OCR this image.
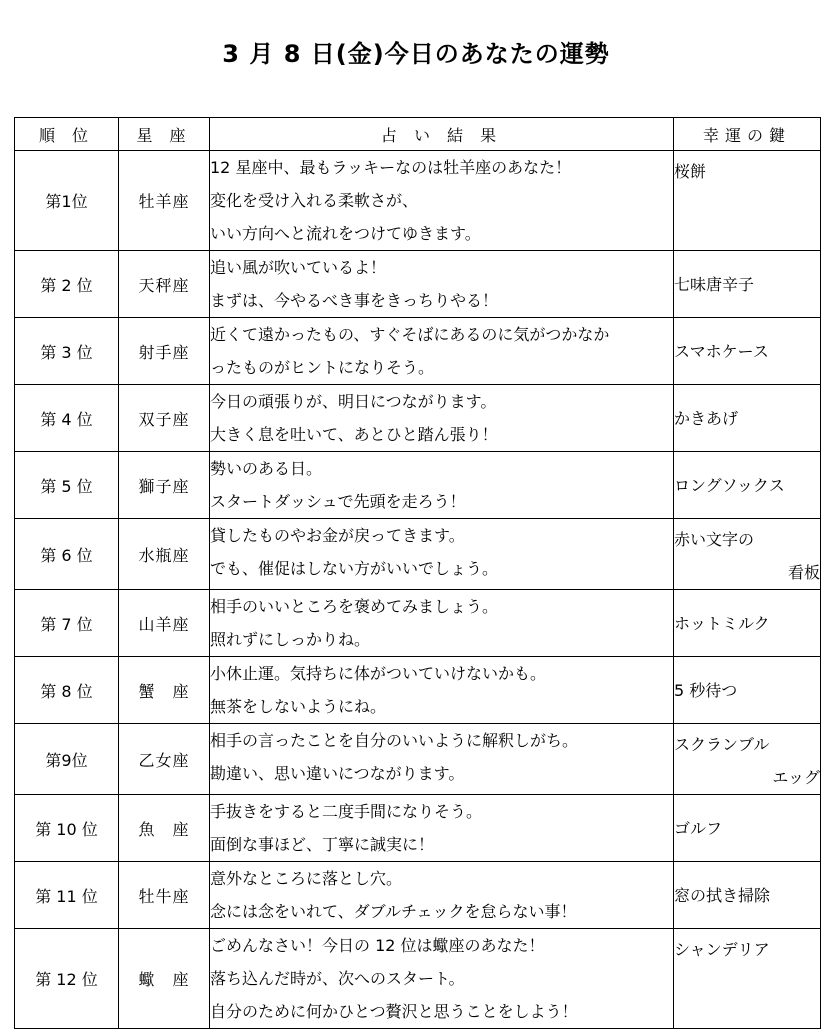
3 月 8 日(金)今日のあなたの運勢
順 位	星 座	占 い 結 果	幸運の鍵
第1位	牡羊座	12 星座中、最もラッキーなのは牡羊座のあなた！
変化を受け入れる柔軟さが、
いい方向へと流れをつけてゆきます。	桜餅

第 2 位	天秤座	追い風が吹いているよ！
まずは、今やるべき事をきっちりやる！	七味唐辛子

第 3 位	射手座	近くて遠かったもの、すぐそばにあるのに気がつかなか
ったものがヒントになりそう。	スマホケース

第 4 位	双子座	今日の頑張りが、明日につながります。
大きく息を吐いて、あとひと踏ん張り！	かきあげ

第 5 位	獅子座	勢いのある日。
スタートダッシュで先頭を走ろう！	ロングソックス

第 6 位	水瓶座	貸したものやお金が戻ってきます。
でも、催促はしない方がいいでしょう。	赤い文字の
看板

第 7 位	山羊座	相手のいいところを褒めてみましょう。
照れずにしっかりね。	ホットミルク

第 8 位	蟹　座	小休止運。気持ちに体がついていけないかも。
無茶をしないようにね。	5 秒待つ

第9位	乙女座	相手の言ったことを自分のいいように解釈しがち。
勘違い、思い違いにつながります。	スクランブル
エッグ

第 10 位	魚　座	手抜きをすると二度手間になりそう。
面倒な事ほど、丁寧に誠実に！	ゴルフ

第 11 位	牡牛座	意外なところに落とし穴。
念には念をいれて、ダブルチェックを怠らない事！	窓の拭き掃除

第 12 位	蠍　座	ごめんなさい！今日の 12 位は蠍座のあなた！
落ち込んだ時が、次へのスタート。
自分のために何かひとつ贅沢と思うことをしよう！	シャンデリア
